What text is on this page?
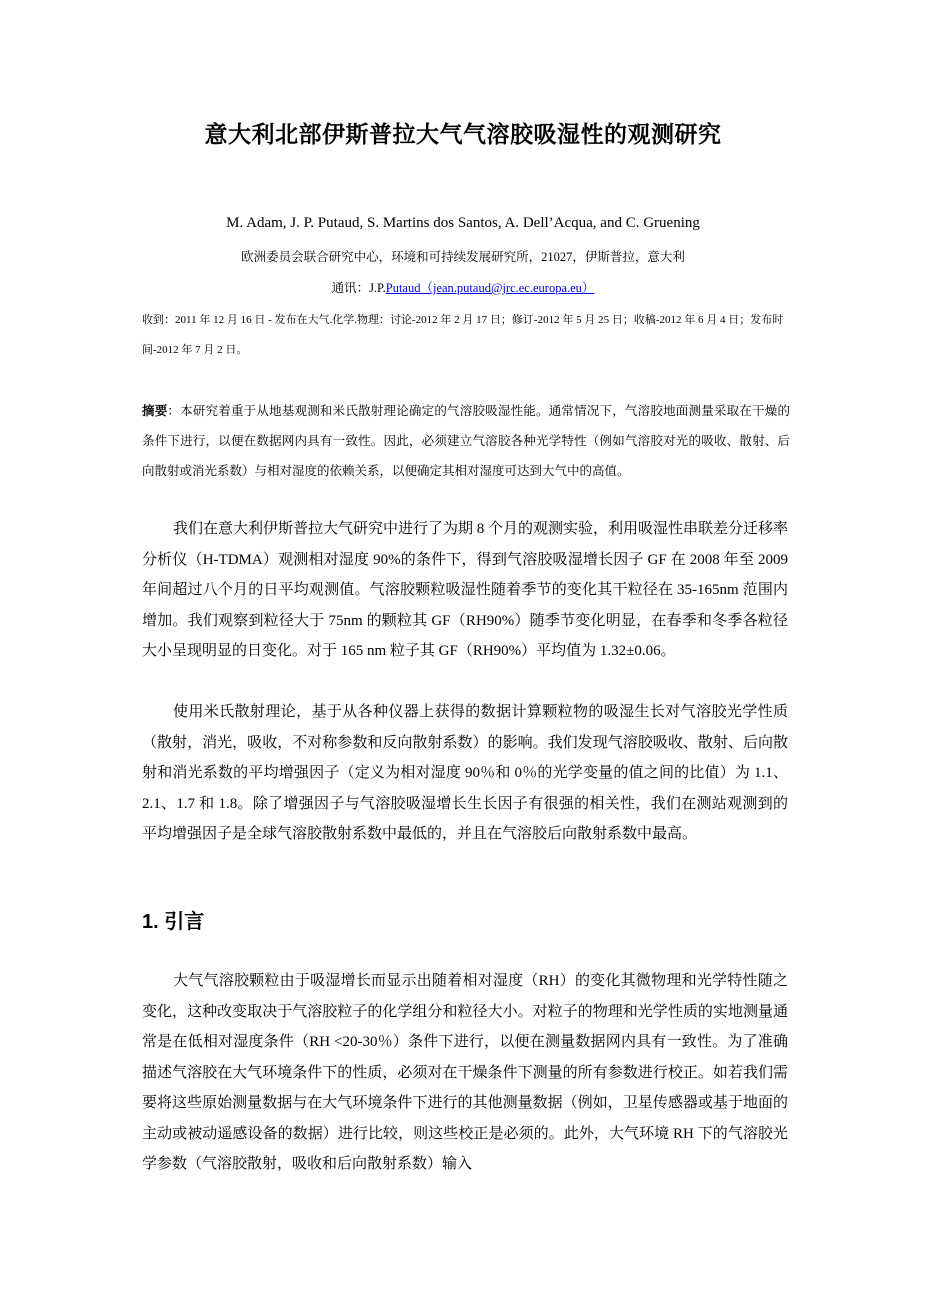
意大利北部伊斯普拉大气气溶胶吸湿性的观测研究
M. Adam, J. P. Putaud, S. Martins dos Santos, A. Dell’Acqua, and C. Gruening
欧洲委员会联合研究中心，环境和可持续发展研究所，21027，伊斯普拉，意大利
通讯：J.P.Putaud（jean.putaud@jrc.ec.europa.eu）
收到：2011 年 12 月 16 日 - 发布在大气.化学.物理：讨论-2012 年 2 月 17 日；修订-2012 年 5 月 25 日；收稿-2012 年 6 月 4 日；发布时间-2012 年 7 月 2 日。
摘要：本研究着重于从地基观测和米氏散射理论确定的气溶胶吸湿性能。通常情况下，气溶胶地面测量采取在干燥的条件下进行，以便在数据网内具有一致性。因此，必须建立气溶胶各种光学特性（例如气溶胶对光的吸收、散射、后向散射或消光系数）与相对湿度的依赖关系，以便确定其相对湿度可达到大气中的高值。
我们在意大利伊斯普拉大气研究中进行了为期 8 个月的观测实验，利用吸湿性串联差分迁移率分析仪（H-TDMA）观测相对湿度 90%的条件下，得到气溶胶吸湿增长因子 GF 在 2008 年至 2009 年间超过八个月的日平均观测值。气溶胶颗粒吸湿性随着季节的变化其干粒径在 35-165nm 范围内增加。我们观察到粒径大于 75nm 的颗粒其 GF（RH90%）随季节变化明显，在春季和冬季各粒径大小呈现明显的日变化。对于 165 nm 粒子其 GF（RH90%）平均值为 1.32±0.06。
使用米氏散射理论，基于从各种仪器上获得的数据计算颗粒物的吸湿生长对气溶胶光学性质（散射，消光，吸收，不对称参数和反向散射系数）的影响。我们发现气溶胶吸收、散射、后向散射和消光系数的平均增强因子（定义为相对湿度 90％和 0％的光学变量的值之间的比值）为 1.1、2.1、1.7 和 1.8。除了增强因子与气溶胶吸湿增长生长因子有很强的相关性，我们在测站观测到的平均增强因子是全球气溶胶散射系数中最低的，并且在气溶胶后向散射系数中最高。
1. 引言
大气气溶胶颗粒由于吸湿增长而显示出随着相对湿度（RH）的变化其微物理和光学特性随之变化，这种改变取决于气溶胶粒子的化学组分和粒径大小。对粒子的物理和光学性质的实地测量通常是在低相对湿度条件（RH <20-30％）条件下进行，以便在测量数据网内具有一致性。为了准确描述气溶胶在大气环境条件下的性质，必须对在干燥条件下测量的所有参数进行校正。如若我们需要将这些原始测量数据与在大气环境条件下进行的其他测量数据（例如，卫星传感器或基于地面的主动或被动遥感设备的数据）进行比较，则这些校正是必须的。此外，大气环境 RH 下的气溶胶光学参数（气溶胶散射，吸收和后向散射系数）输入
